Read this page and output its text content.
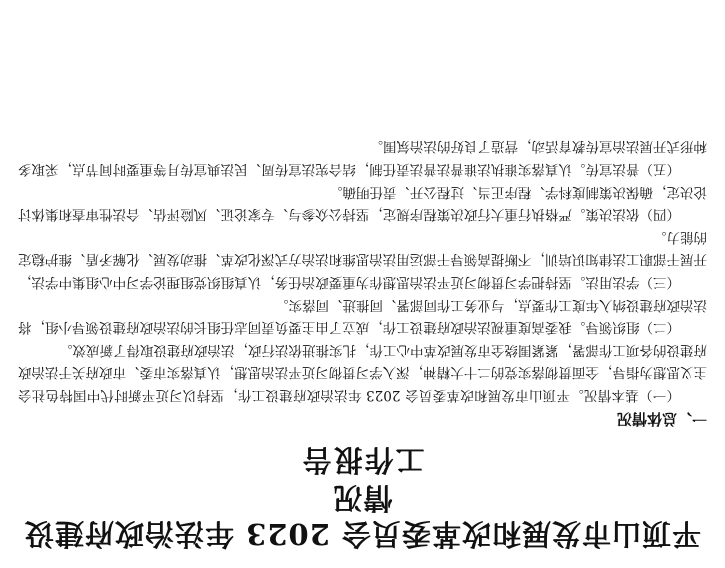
平顶山市发展和改革委员会 2023 年法治政府建设情况
工作报告
一、总体情况

（一）基本情况。平顶山市发展和改革委员会 2023 年法治政府建设工作，坚持以习近平新时代中国特色社会主义思想为指导，全面贯彻落实党的二十大精神，深入学习贯彻习近平法治思想，认真落实市委、市政府关于法治政府建设的各项工作部署，紧紧围绕全市发展改革中心工作，扎实推进依法行政，法治政府建设取得了新成效。

（二）组织领导。我委高度重视法治政府建设工作，成立了由主要负责同志任组长的法治政府建设领导小组，将法治政府建设纳入年度工作要点，与业务工作同部署、同推进、同落实。

（三）学法用法。坚持把学习贯彻习近平法治思想作为重要政治任务，认真组织党组理论学习中心组集中学法，开展干部职工法律知识培训，不断提高领导干部运用法治思维和法治方式深化改革、推动发展、化解矛盾、维护稳定的能力。

（四）依法决策。严格执行重大行政决策程序规定，坚持公众参与、专家论证、风险评估、合法性审查和集体讨论决定，确保决策制度科学、程序正当、过程公开、责任明确。

（五）普法宣传。认真落实谁执法谁普法普法责任制，结合宪法宣传周、民法典宣传月等重要时间节点，采取多种形式开展法治宣传教育活动，营造了良好的法治氛围。
